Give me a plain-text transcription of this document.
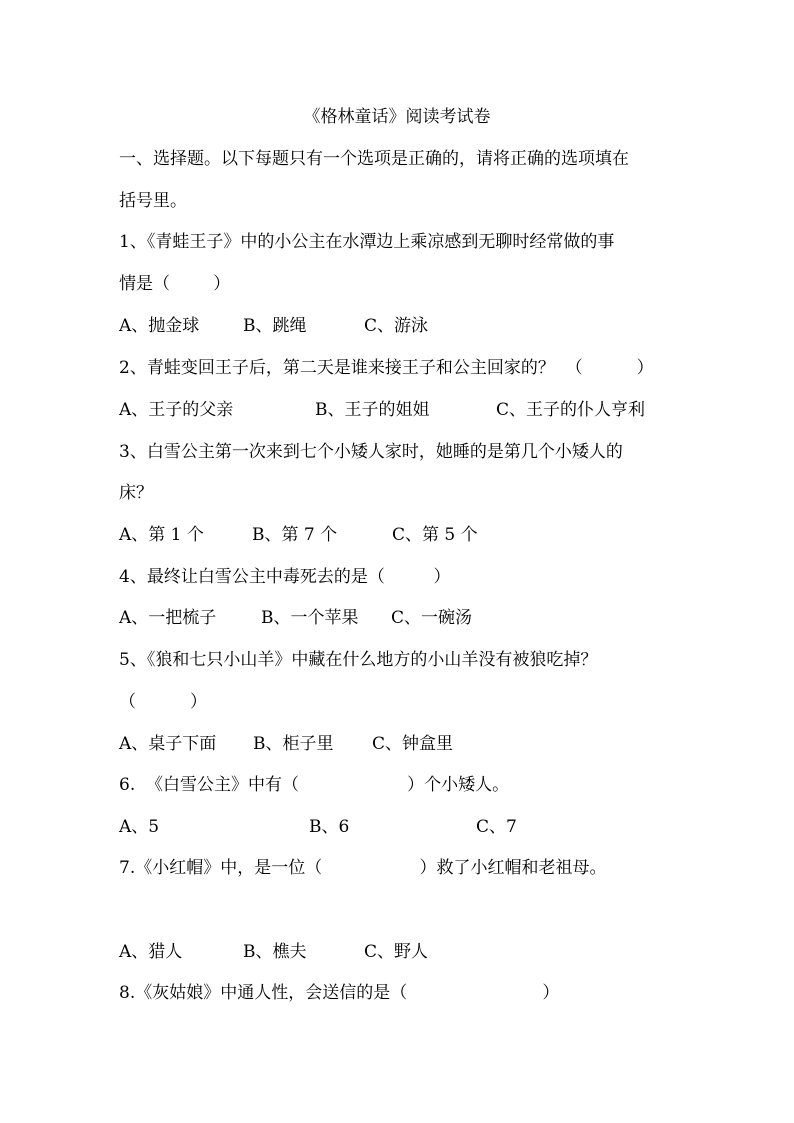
《格林童话》阅读考试卷
一、选择题。以下每题只有一个选项是正确的，请将正确的选项填在
括号里。
1、《青蛙王子》中的小公主在水潭边上乘凉感到无聊时经常做的事
情是（        ）
A、抛金球	B、跳绳	C、游泳
2、青蛙变回王子后，第二天是谁来接王子和公主回家的？  （          ）
A、王子的父亲	B、王子的姐姐	C、王子的仆人亨利
3、白雪公主第一次来到七个小矮人家时，她睡的是第几个小矮人的
床？
A、第 1 个	B、第 7 个	C、第 5 个
4、最终让白雪公主中毒死去的是（         ）
A、一把梳子	B、一个苹果 C、一碗汤
5、《狼和七只小山羊》中藏在什么地方的小山羊没有被狼吃掉？
（          ）
A、桌子下面 B、柜子里 C、钟盒里
6.  《白雪公主》中有（                    ）个小矮人。
A、5	B、6	C、7
7.《小红帽》中，是一位（                  ）救了小红帽和老祖母。
A、猎人	B、樵夫	C、野人
8.《灰姑娘》中通人性，会送信的是（                         ）
